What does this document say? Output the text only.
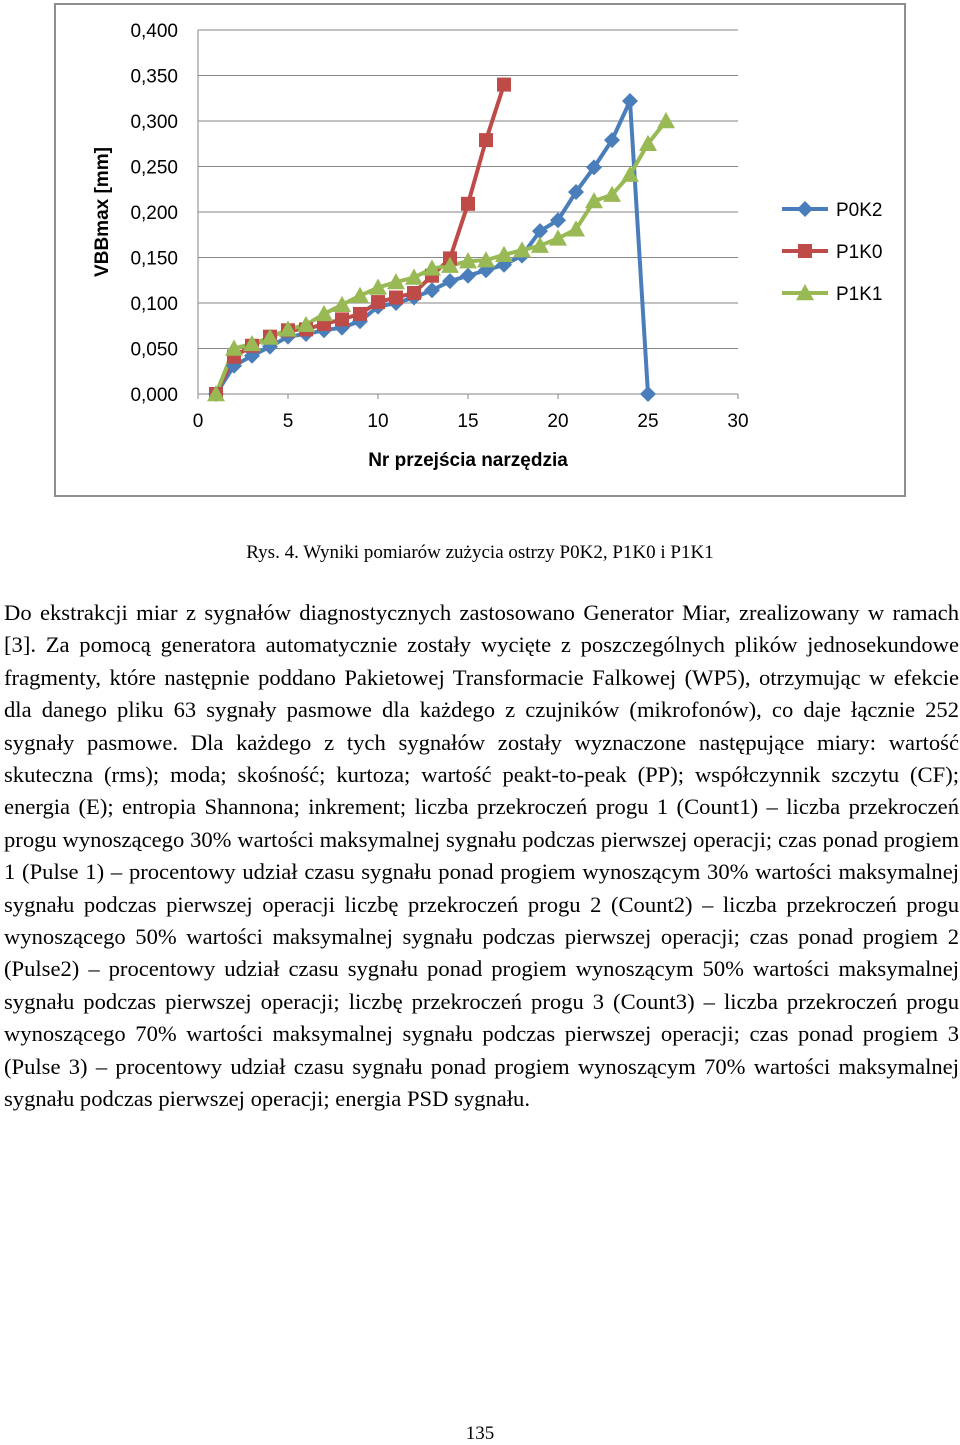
0,000
0,050
0,100
0,150
0,200
0,250
0,300
0,350
0,400
0	5	10	15	20	25	30
Nr przejścia narzędzia
VBBmax [mm]	P0K2
P1K0
P1K1
Rys. 4. Wyniki pomiarów zużycia ostrzy P0K2, P1K0 i P1K1

Do ekstrakcji miar z sygnałów diagnostycznych zastosowano Generator Miar, zrealizowany w ramach [3]. Za pomocą generatora automatycznie zostały wycięte z poszczególnych plików jednosekundowe fragmenty, które następnie poddano Pakietowej Transformacie Falkowej (WP5), otrzymując w efekcie dla danego pliku 63 sygnały pasmowe dla każdego z czujników (mikrofonów), co daje łącznie 252 sygnały pasmowe. Dla każdego z tych sygnałów zostały wyznaczone następujące miary: wartość skuteczna (rms); moda; skośność; kurtoza; wartość peakt-to-peak (PP); współczynnik szczytu (CF); energia (E); entropia Shannona; inkrement; liczba przekroczeń progu 1 (Count1) – liczba przekroczeń progu wynoszącego 30% wartości maksymalnej sygnału podczas pierwszej operacji; czas ponad progiem 1 (Pulse 1) – procentowy udział czasu sygnału ponad progiem wynoszącym 30% wartości maksymalnej sygnału podczas pierwszej operacji liczbę przekroczeń progu 2 (Count2) – liczba przekroczeń progu wynoszącego 50% wartości maksymalnej sygnału podczas pierwszej operacji; czas ponad progiem 2 (Pulse2) – procentowy udział czasu sygnału ponad progiem wynoszącym 50% wartości maksymalnej sygnału podczas pierwszej operacji; liczbę przekroczeń progu 3 (Count3) – liczba przekroczeń progu wynoszącego 70% wartości maksymalnej sygnału podczas pierwszej operacji; czas ponad progiem 3 (Pulse 3) – procentowy udział czasu sygnału ponad progiem wynoszącym 70% wartości maksymalnej sygnału podczas pierwszej operacji; energia PSD sygnału.

135
